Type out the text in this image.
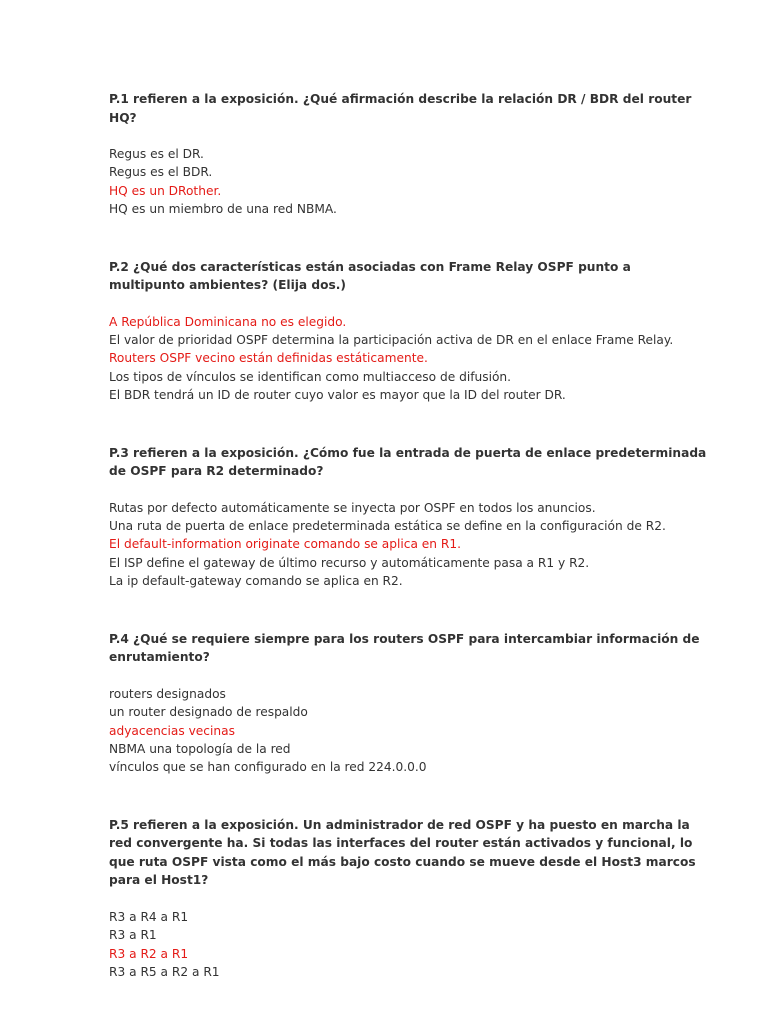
P.1 refieren a la exposición. ¿Qué afirmación describe la relación DR / BDR del router HQ?

Regus es el DR.
Regus es el BDR.
HQ es un DRother.
HQ es un miembro de una red NBMA.

P.2 ¿Qué dos características están asociadas con Frame Relay OSPF punto a multipunto ambientes? (Elija dos.)

A República Dominicana no es elegido.
El valor de prioridad OSPF determina la participación activa de DR en el enlace Frame Relay.
Routers OSPF vecino están definidas estáticamente.
Los tipos de vínculos se identifican como multiacceso de difusión.
El BDR tendrá un ID de router cuyo valor es mayor que la ID del router DR.

P.3 refieren a la exposición. ¿Cómo fue la entrada de puerta de enlace predeterminada de OSPF para R2 determinado?

Rutas por defecto automáticamente se inyecta por OSPF en todos los anuncios.
Una ruta de puerta de enlace predeterminada estática se define en la configuración de R2.
El default-information originate comando se aplica en R1.
El ISP define el gateway de último recurso y automáticamente pasa a R1 y R2.
La ip default-gateway comando se aplica en R2.

P.4 ¿Qué se requiere siempre para los routers OSPF para intercambiar información de enrutamiento?

routers designados
un router designado de respaldo
adyacencias vecinas
NBMA una topología de la red
vínculos que se han configurado en la red 224.0.0.0

P.5 refieren a la exposición. Un administrador de red OSPF y ha puesto en marcha la red convergente ha. Si todas las interfaces del router están activados y funcional, lo que ruta OSPF vista como el más bajo costo cuando se mueve desde el Host3 marcos para el Host1?

R3 a R4 a R1
R3 a R1
R3 a R2 a R1
R3 a R5 a R2 a R1
